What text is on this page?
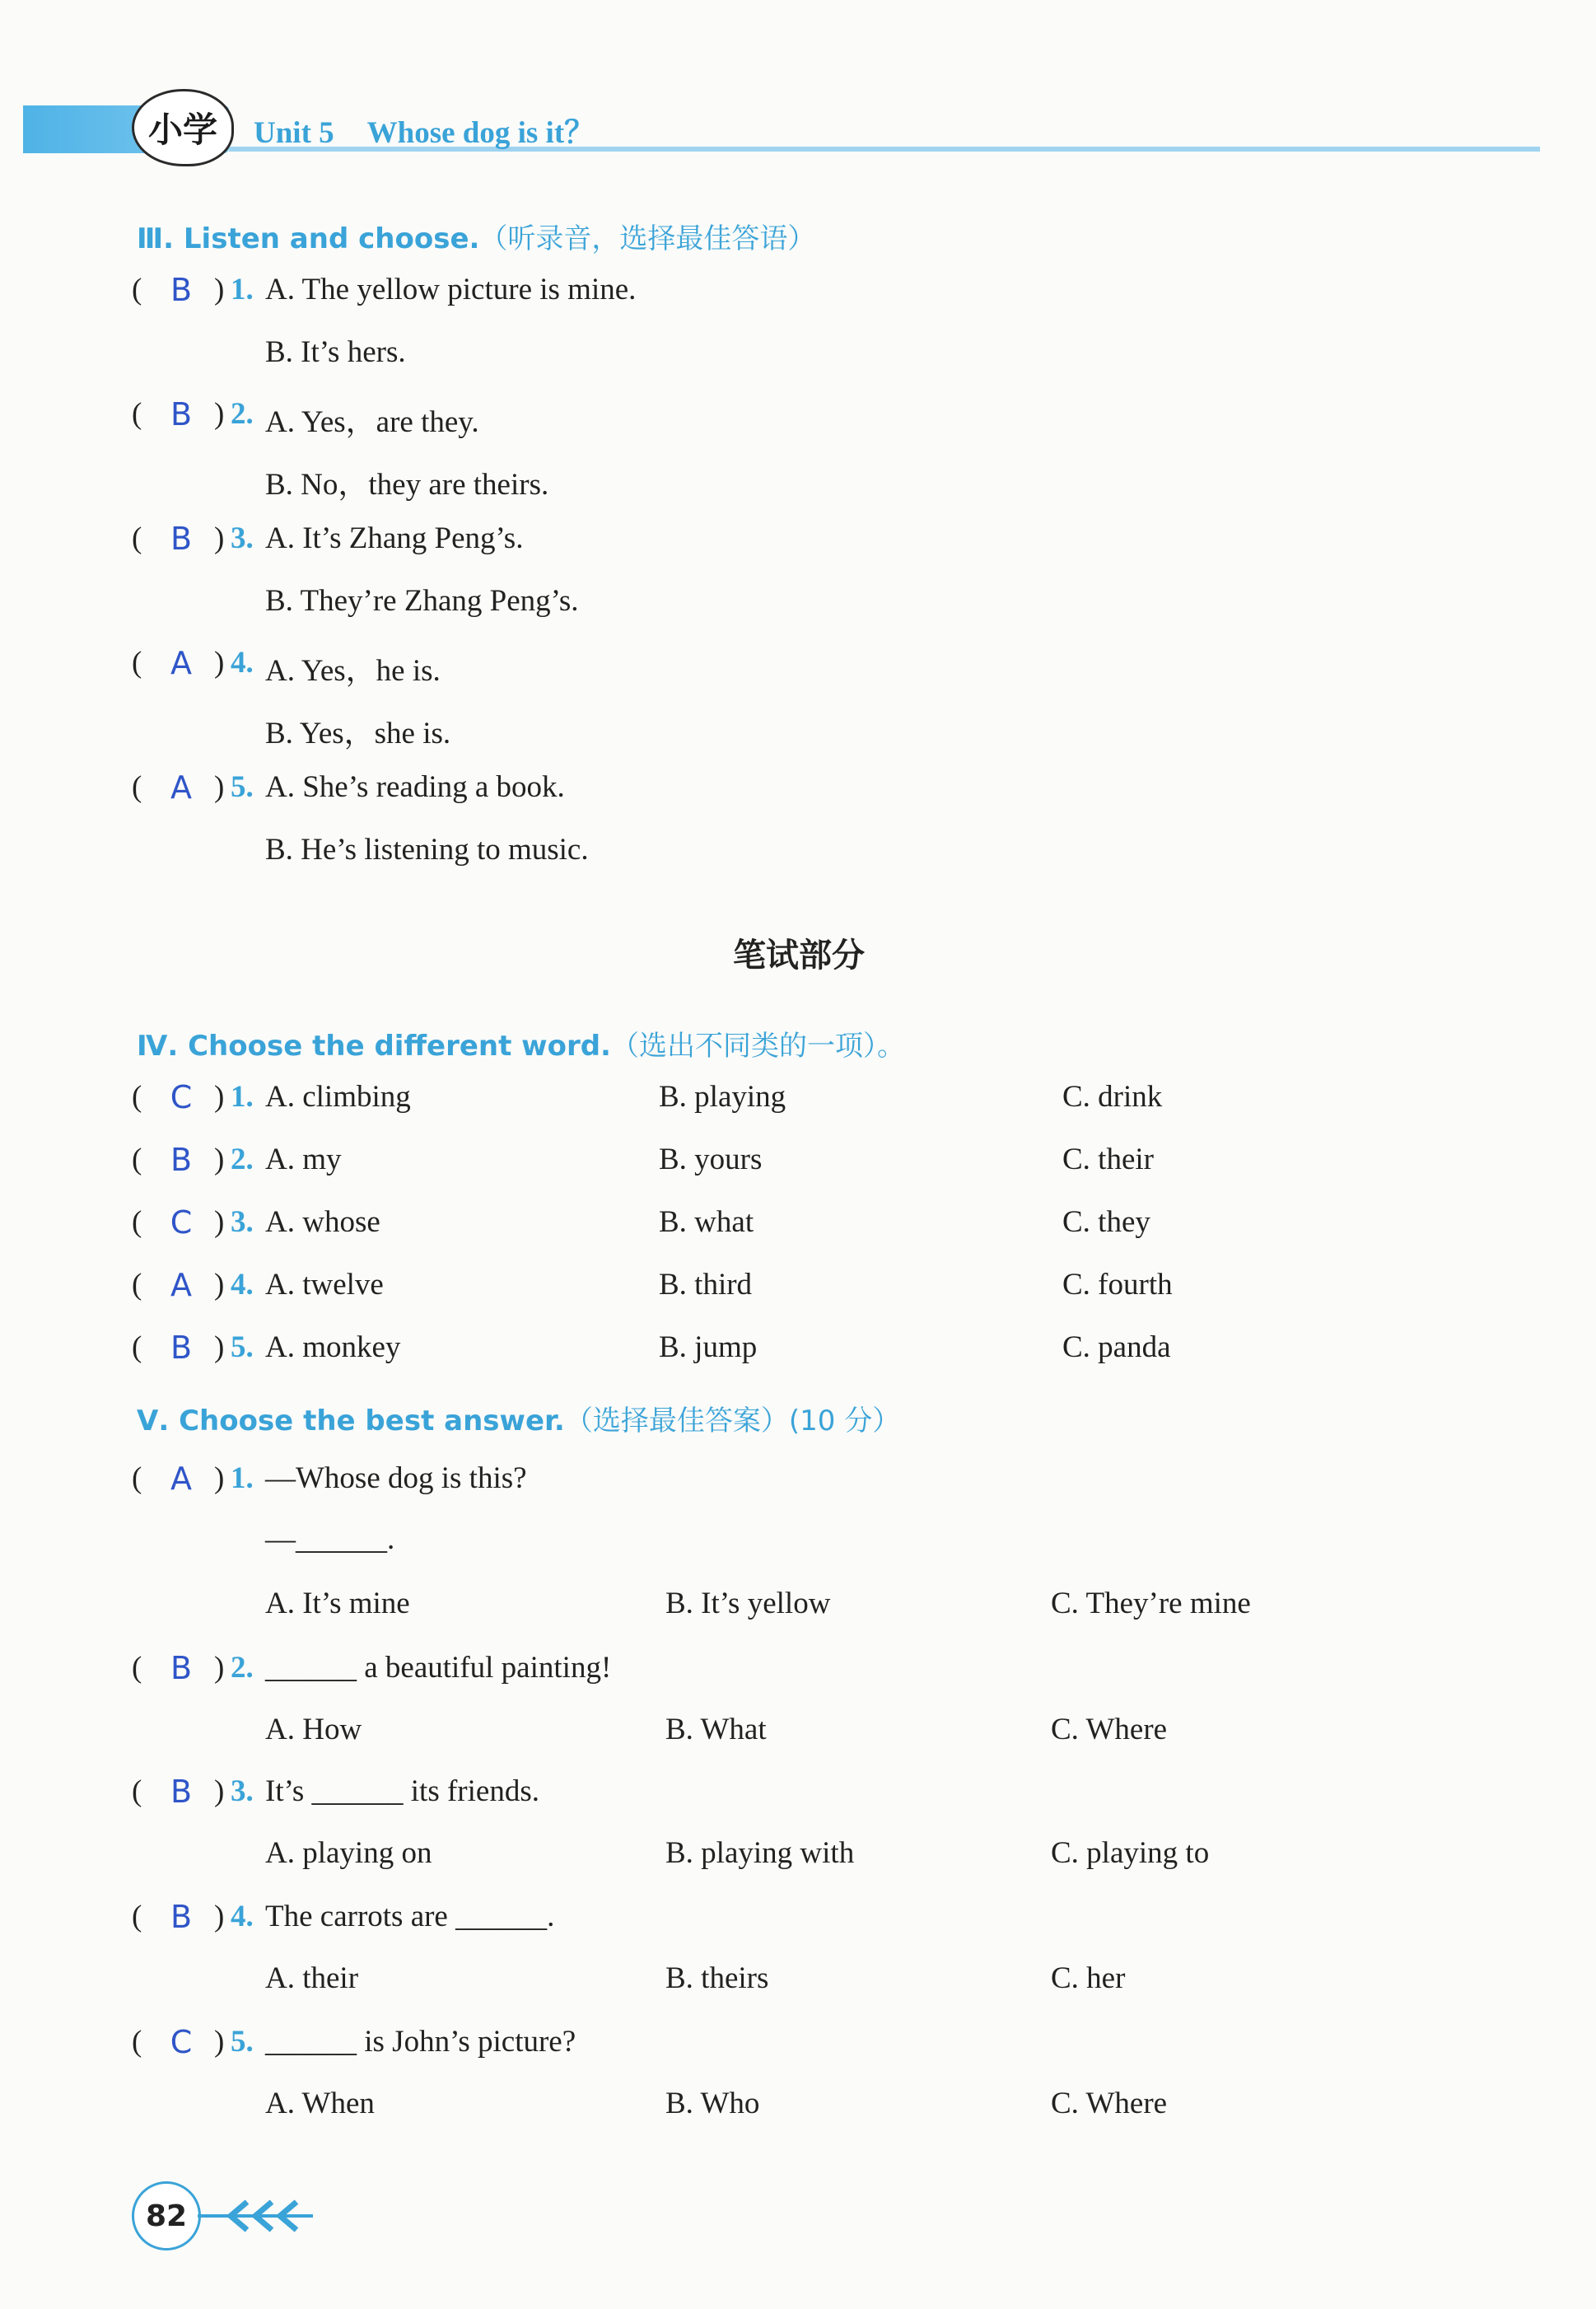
小学	Unit 5 Whose dog is it？
Ⅲ. Listen and choose.（听录音，选择最佳答语）
( B ) 1. A. The yellow picture is mine.
B. It’s hers.
( B ) 2. A. Yes，are they.
B. No，they are theirs.
( B ) 3. A. It’s Zhang Peng’s.
B. They’re Zhang Peng’s.
( A ) 4. A. Yes，he is.
B. Yes，she is.
( A ) 5. A. She’s reading a book.
B. He’s listening to music.
笔试部分
Ⅳ. Choose the different word.（选出不同类的一项）。
( C ) 1. A. climbing	B. playing	C. drink
( B ) 2. A. my	B. yours	C. their
( C ) 3. A. whose	B. what	C. they
( A ) 4. A. twelve	B. third	C. fourth
( B ) 5. A. monkey	B. jump	C. panda
Ⅴ. Choose the best answer.（选择最佳答案）(10 分）
( A ) 1. —Whose dog is this?
—______.
A. It’s mine	B. It’s yellow	C. They’re mine
( B ) 2. ______ a beautiful painting!
A. How	B. What	C. Where
( B ) 3. It’s ______ its friends.
A. playing on	B. playing with	C. playing to
( B ) 4. The carrots are ______.
A. their	B. theirs	C. her
( C ) 5. ______ is John’s picture?
A. When	B. Who	C. Where
82
